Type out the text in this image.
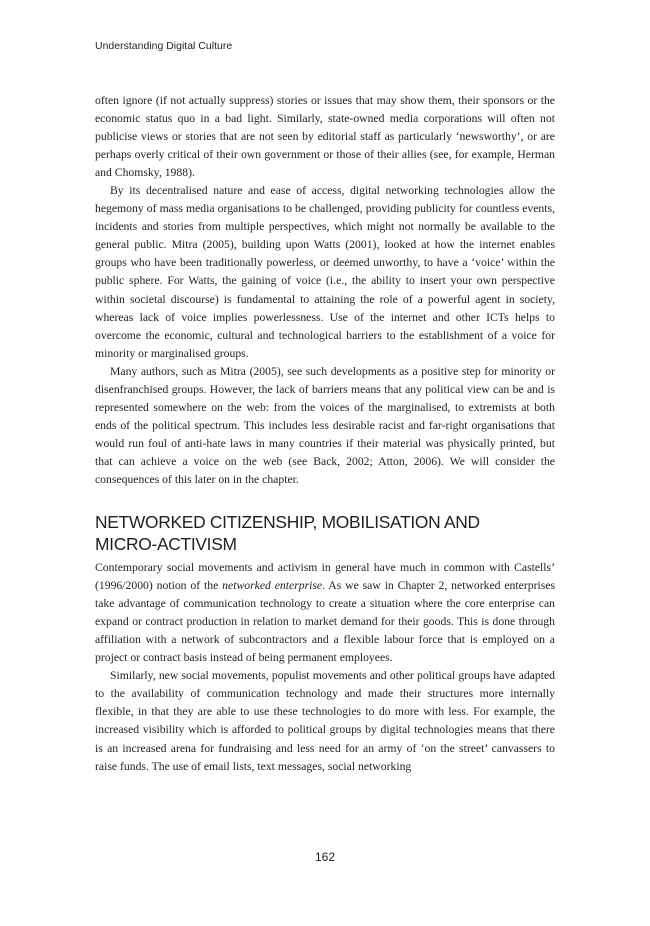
Understanding Digital Culture

often ignore (if not actually suppress) stories or issues that may show them, their sponsors or the economic status quo in a bad light. Similarly, state-owned media corporations will often not publicise views or stories that are not seen by editorial staff as particularly ‘newsworthy’, or are perhaps overly critical of their own government or those of their allies (see, for example, Herman and Chomsky, 1988).

By its decentralised nature and ease of access, digital networking technologies allow the hegemony of mass media organisations to be challenged, providing publicity for countless events, incidents and stories from multiple perspectives, which might not normally be available to the general public. Mitra (2005), building upon Watts (2001), looked at how the internet enables groups who have been traditionally powerless, or deemed unworthy, to have a ‘voice’ within the public sphere. For Watts, the gaining of voice (i.e., the ability to insert your own perspective within societal discourse) is fundamental to attaining the role of a powerful agent in society, whereas lack of voice implies powerlessness. Use of the internet and other ICTs helps to overcome the economic, cultural and technological barriers to the establishment of a voice for minority or marginalised groups.

Many authors, such as Mitra (2005), see such developments as a positive step for minority or disenfranchised groups. However, the lack of barriers means that any political view can be and is represented somewhere on the web: from the voices of the marginalised, to extremists at both ends of the political spectrum. This includes less desirable racist and far-right organisations that would run foul of anti-hate laws in many countries if their material was physically printed, but that can achieve a voice on the web (see Back, 2002; Atton, 2006). We will consider the consequences of this later on in the chapter.

NETWORKED CITIZENSHIP, MOBILISATION AND
MICRO-ACTIVISM

Contemporary social movements and activism in general have much in common with Castells’ (1996/2000) notion of the networked enterprise. As we saw in Chapter 2, networked enterprises take advantage of communication technology to create a situation where the core enterprise can expand or contract production in relation to market demand for their goods. This is done through affiliation with a network of subcontractors and a flexible labour force that is employed on a project or contract basis instead of being permanent employees.

Similarly, new social movements, populist movements and other political groups have adapted to the availability of communication technology and made their structures more internally flexible, in that they are able to use these technologies to do more with less. For example, the increased visibility which is afforded to political groups by digital technologies means that there is an increased arena for fundraising and less need for an army of ‘on the street’ canvassers to raise funds. The use of email lists, text messages, social networking

162
